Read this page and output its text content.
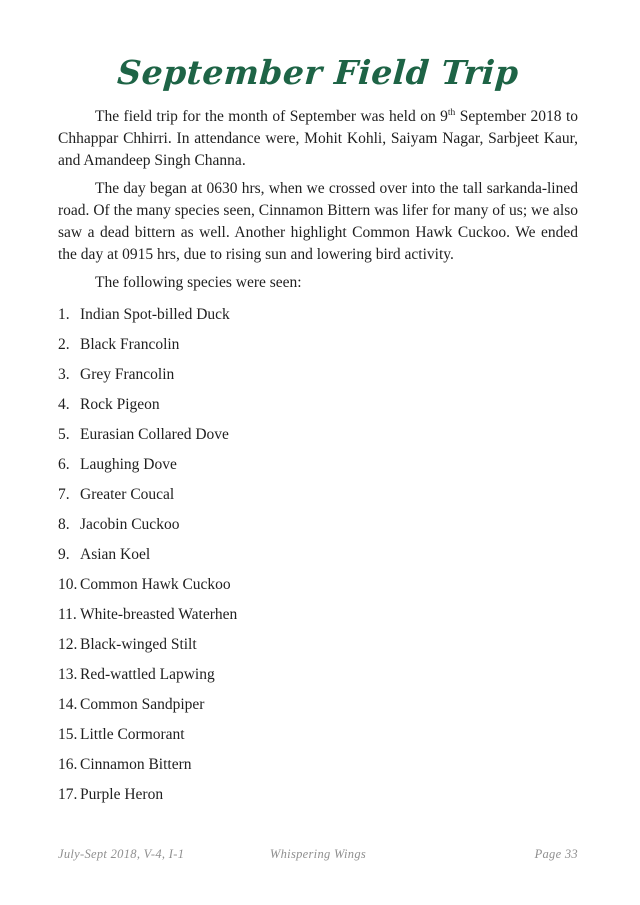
September Field Trip

The field trip for the month of September was held on 9th September 2018 to Chhappar Chhirri. In attendance were, Mohit Kohli, Saiyam Nagar, Sarbjeet Kaur, and Amandeep Singh Channa.

The day began at 0630 hrs, when we crossed over into the tall sarkanda-lined road. Of the many species seen, Cinnamon Bittern was lifer for many of us; we also saw a dead bittern as well. Another highlight Common Hawk Cuckoo. We ended the day at 0915 hrs, due to rising sun and lowering bird activity.

The following species were seen:

1. Indian Spot-billed Duck
2. Black Francolin
3. Grey Francolin
4. Rock Pigeon
5. Eurasian Collared Dove
6. Laughing Dove
7. Greater Coucal
8. Jacobin Cuckoo
9. Asian Koel
10. Common Hawk Cuckoo
11. White-breasted Waterhen
12. Black-winged Stilt
13. Red-wattled Lapwing
14. Common Sandpiper
15. Little Cormorant
16. Cinnamon Bittern
17. Purple Heron
July-Sept 2018, V-4, I-1	Whispering Wings	Page 33
